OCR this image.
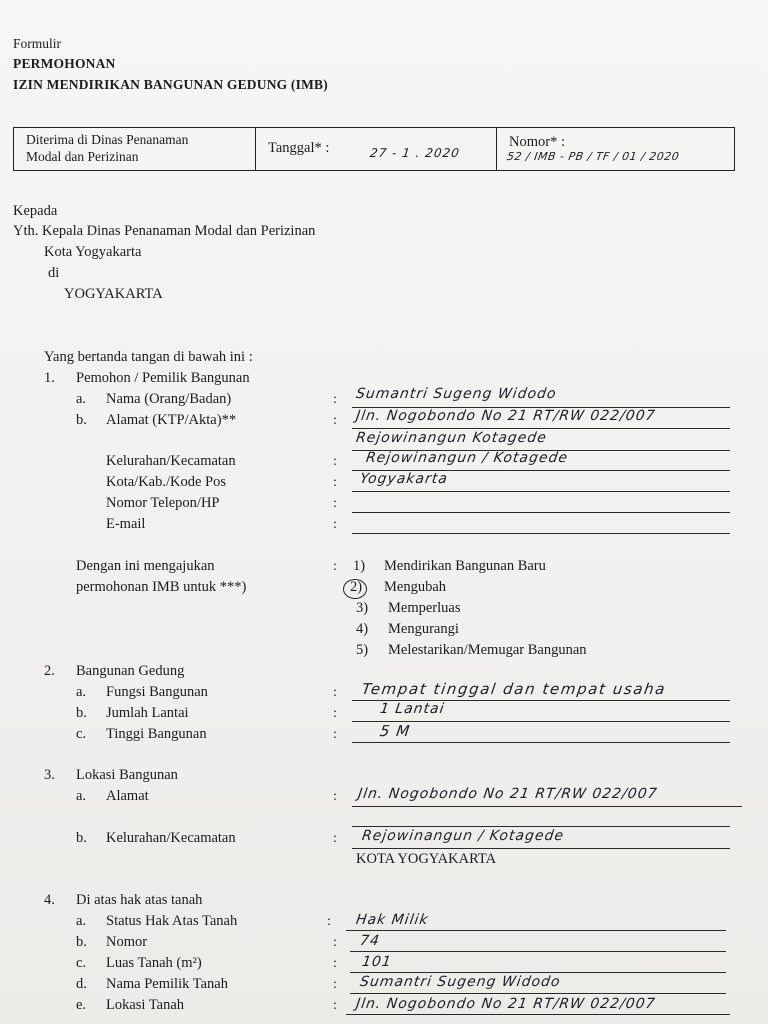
Formulir
PERMOHONAN
IZIN MENDIRIKAN BANGUNAN GEDUNG (IMB)
Diterima di Dinas Penanaman
Modal dan Perizinan
Tanggal* :	27 - 1 . 2020
Nomor* :
52 / IMB - PB / TF / 01 / 2020
Kepada
Yth. Kepala Dinas Penanaman Modal dan Perizinan
Kota Yogyakarta
di
YOGYAKARTA
Yang bertanda tangan di bawah ini :
1. Pemohon / Pemilik Bangunan
a. Nama (Orang/Badan)	: Sumantri Sugeng Widodo
b. Alamat (KTP/Akta)**	: Jln. Nogobondo No 21 RT/RW 022/007
Rejowinangun Kotagede
Kelurahan/Kecamatan	: Rejowinangun / Kotagede
Kota/Kab./Kode Pos	: Yogyakarta
Nomor Telepon/HP	:
E-mail	:
Dengan ini mengajukan
permohonan IMB untuk ***)
: 1) Mendirikan Bangunan Baru
2) Mengubah
3) Memperluas
4) Mengurangi
5) Melestarikan/Memugar Bangunan
2. Bangunan Gedung
a. Fungsi Bangunan	: Tempat tinggal dan tempat usaha
b. Jumlah Lantai	:	1 Lantai
c. Tinggi Bangunan	:	5 M
3. Lokasi Bangunan
a. Alamat	: Jln. Nogobondo No 21 RT/RW 022/007
b. Kelurahan/Kecamatan	: Rejowinangun / Kotagede
KOTA YOGYAKARTA
4. Di atas hak atas tanah
a. Status Hak Atas Tanah	: Hak Milik
b. Nomor	: 74
c. Luas Tanah (m²)	: 101
d. Nama Pemilik Tanah	: Sumantri Sugeng Widodo
e. Lokasi Tanah	: Jln. Nogobondo No 21 RT/RW 022/007
